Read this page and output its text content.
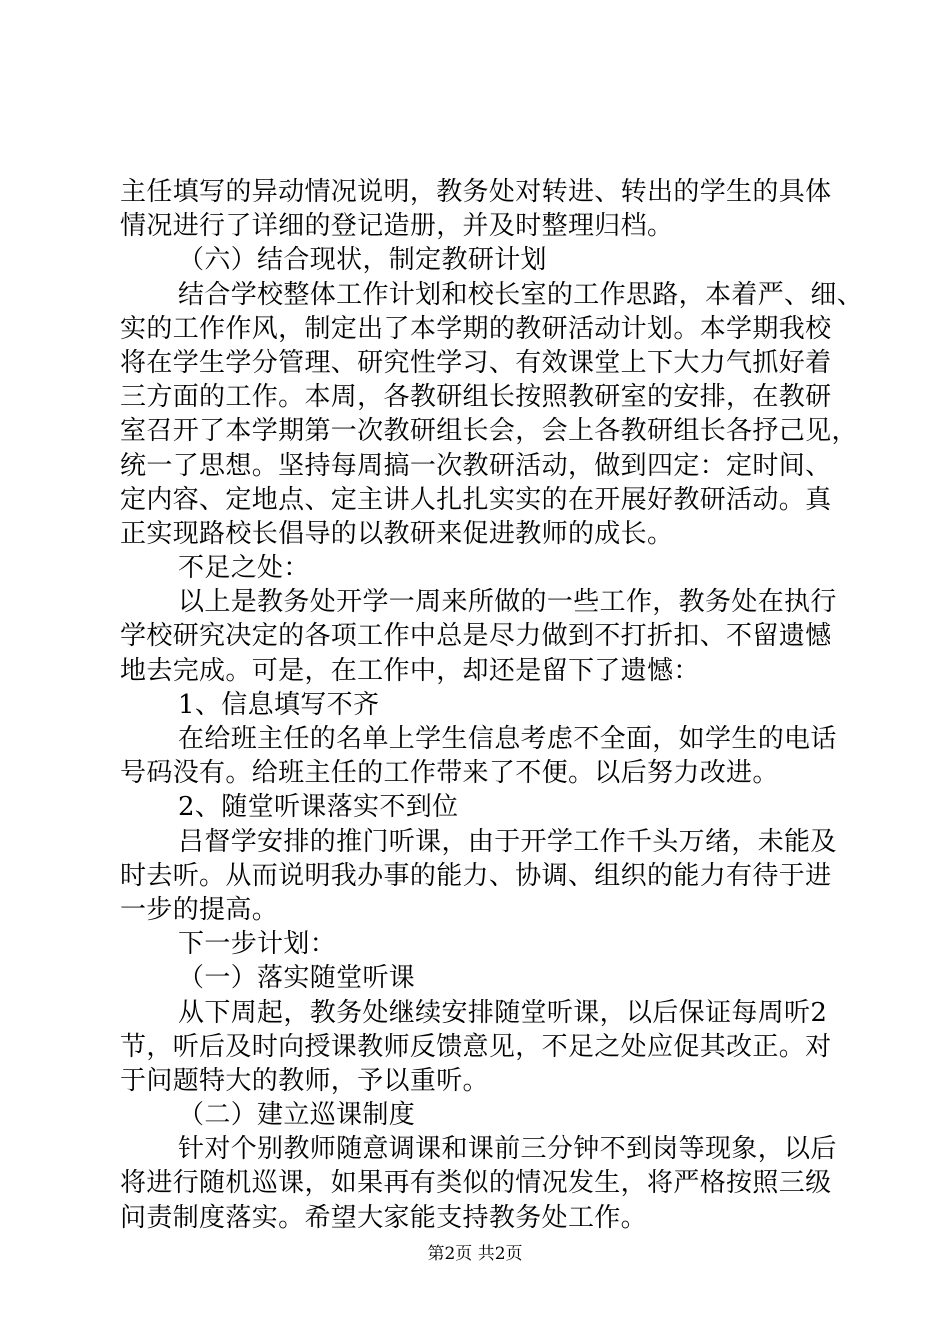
主任填写的异动情况说明，教务处对转进、转出的学生的具体
情况进行了详细的登记造册，并及时整理归档。
（六）结合现状，制定教研计划
结合学校整体工作计划和校长室的工作思路，本着严、细、
实的工作作风，制定出了本学期的教研活动计划。本学期我校
将在学生学分管理、研究性学习、有效课堂上下大力气抓好着
三方面的工作。本周，各教研组长按照教研室的安排，在教研
室召开了本学期第一次教研组长会，会上各教研组长各抒己见，
统一了思想。坚持每周搞一次教研活动，做到四定：定时间、
定内容、定地点、定主讲人扎扎实实的在开展好教研活动。真
正实现路校长倡导的以教研来促进教师的成长。
不足之处：
以上是教务处开学一周来所做的一些工作，教务处在执行
学校研究决定的各项工作中总是尽力做到不打折扣、不留遗憾
地去完成。可是，在工作中，却还是留下了遗憾：
1、信息填写不齐
在给班主任的名单上学生信息考虑不全面，如学生的电话
号码没有。给班主任的工作带来了不便。以后努力改进。
2、随堂听课落实不到位
吕督学安排的推门听课，由于开学工作千头万绪，未能及
时去听。从而说明我办事的能力、协调、组织的能力有待于进
一步的提高。
下一步计划：
（一）落实随堂听课
从下周起，教务处继续安排随堂听课，以后保证每周听2
节，听后及时向授课教师反馈意见，不足之处应促其改正。对
于问题特大的教师，予以重听。
（二）建立巡课制度
针对个别教师随意调课和课前三分钟不到岗等现象，以后
将进行随机巡课，如果再有类似的情况发生，将严格按照三级
问责制度落实。希望大家能支持教务处工作。
第2页 共2页
